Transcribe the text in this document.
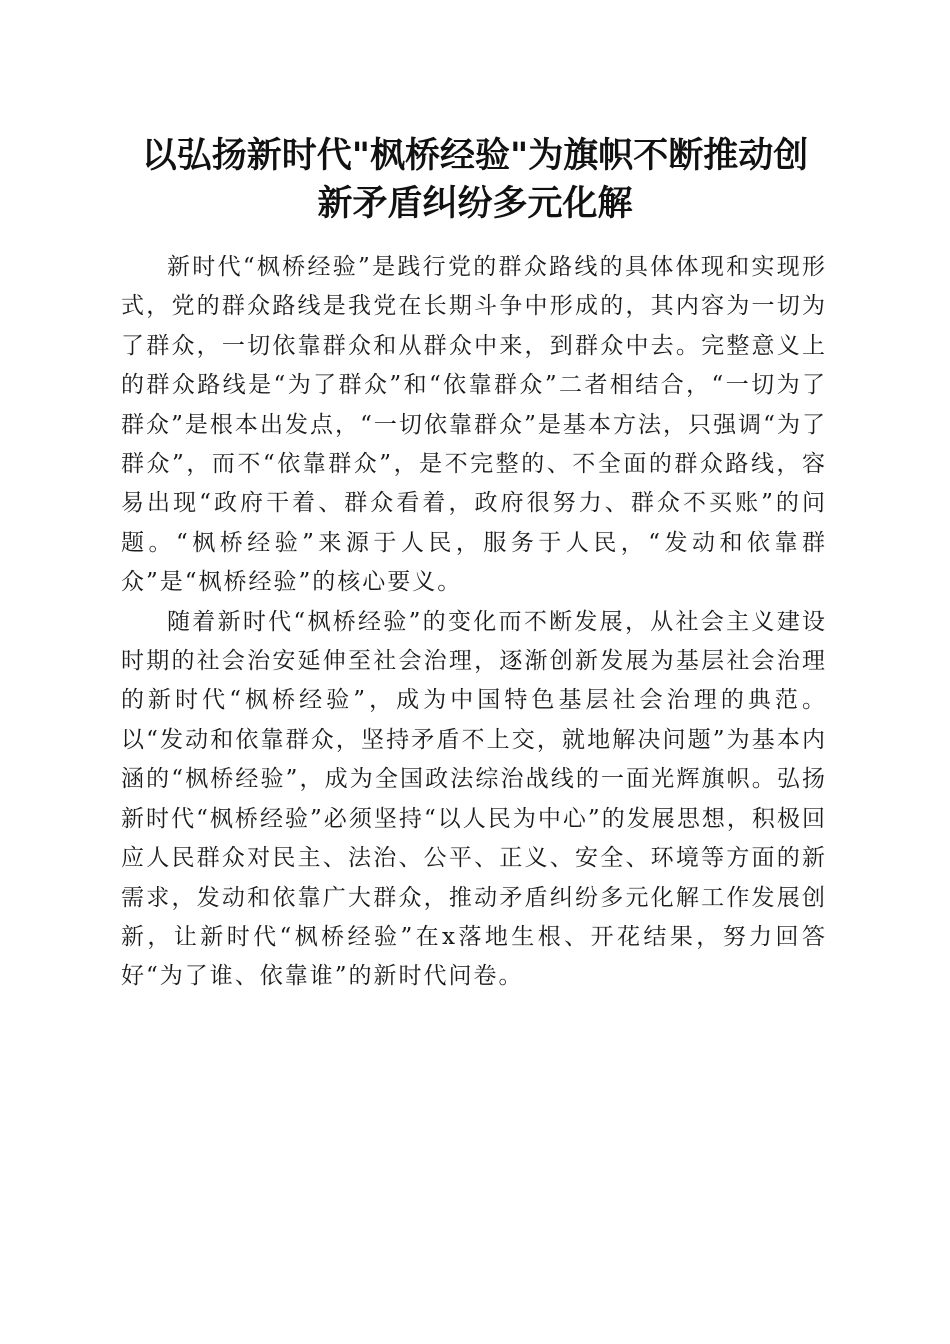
以弘扬新时代"枫桥经验"为旗帜不断推动创
新矛盾纠纷多元化解

新时代“枫桥经验”是践行党的群众路线的具体体现和实现形式，党的群众路线是我党在长期斗争中形成的，其内容为一切为了群众，一切依靠群众和从群众中来，到群众中去。完整意义上的群众路线是“为了群众”和“依靠群众”二者相结合，“一切为了群众”是根本出发点，“一切依靠群众”是基本方法，只强调“为了群众”，而不“依靠群众”，是不完整的、不全面的群众路线，容易出现“政府干着、群众看着，政府很努力、群众不买账”的问题。“枫桥经验”来源于人民，服务于人民，“发动和依靠群众”是“枫桥经验”的核心要义。

随着新时代“枫桥经验”的变化而不断发展，从社会主义建设时期的社会治安延伸至社会治理，逐渐创新发展为基层社会治理的新时代“枫桥经验”，成为中国特色基层社会治理的典范。以“发动和依靠群众，坚持矛盾不上交，就地解决问题”为基本内涵的“枫桥经验”，成为全国政法综治战线的一面光辉旗帜。弘扬新时代“枫桥经验”必须坚持“以人民为中心”的发展思想，积极回应人民群众对民主、法治、公平、正义、安全、环境等方面的新需求，发动和依靠广大群众，推动矛盾纠纷多元化解工作发展创新，让新时代“枫桥经验”在x落地生根、开花结果，努力回答好“为了谁、依靠谁”的新时代问卷。
